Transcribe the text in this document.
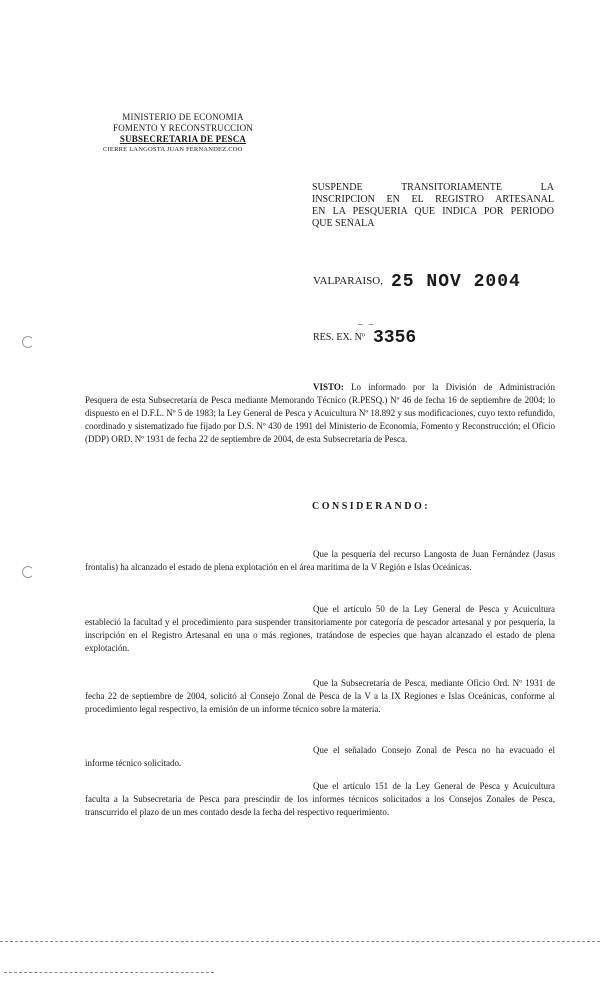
MINISTERIO DE ECONOMIA
FOMENTO Y RECONSTRUCCION
SUBSECRETARIA DE PESCA
CIERRE LANGOSTA JUAN FERNANDEZ.COO
SUSPENDE TRANSITORIAMENTE LA
INSCRIPCION EN EL REGISTRO ARTESANAL
EN LA PESQUERIA QUE INDICA POR PERIODO
QUE SEÑALA
VALPARAISO, 25 NOV 2004
– –
RES. EX. Nº 3356
VISTO: Lo informado por la División de Administración Pesquera de esta Subsecretaría de Pesca mediante Memorando Técnico (R.PESQ.) Nº 46 de fecha 16 de septiembre de 2004; lo dispuesto en el D.F.L. Nº 5 de 1983; la Ley General de Pesca y Acuicultura Nº 18.892 y sus modificaciones, cuyo texto refundido, coordinado y sistematizado fue fijado por D.S. Nº 430 de 1991 del Ministerio de Economía, Fomento y Reconstrucción; el Oficio (DDP) ORD. Nº 1931 de fecha 22 de septiembre de 2004, de esta Subsecretaría de Pesca.
CONSIDERANDO:
Que la pesquería del recurso Langosta de Juan Fernández (Jasus frontalis) ha alcanzado el estado de plena explotación en el área marítima de la V Región e Islas Oceánicas.
Que el artículo 50 de la Ley General de Pesca y Acuicultura estableció la facultad y el procedimiento para suspender transitoriamente por categoría de pescador artesanal y por pesquería, la inscripción en el Registro Artesanal en una o más regiones, tratándose de especies que hayan alcanzado el estado de plena explotación.
Que la Subsecretaría de Pesca, mediante Oficio Ord. Nº 1931 de fecha 22 de septiembre de 2004, solicitó al Consejo Zonal de Pesca de la V a la IX Regiones e Islas Oceánicas, conforme al procedimiento legal respectivo, la emisión de un informe técnico sobre la materia.
Que el señalado Consejo Zonal de Pesca no ha evacuado el informe técnico solicitado.
Que el artículo 151 de la Ley General de Pesca y Acuicultura faculta a la Subsecretaría de Pesca para prescindir de los informes técnicos solicitados a los Consejos Zonales de Pesca, transcurrido el plazo de un mes contado desde la fecha del respectivo requerimiento.
